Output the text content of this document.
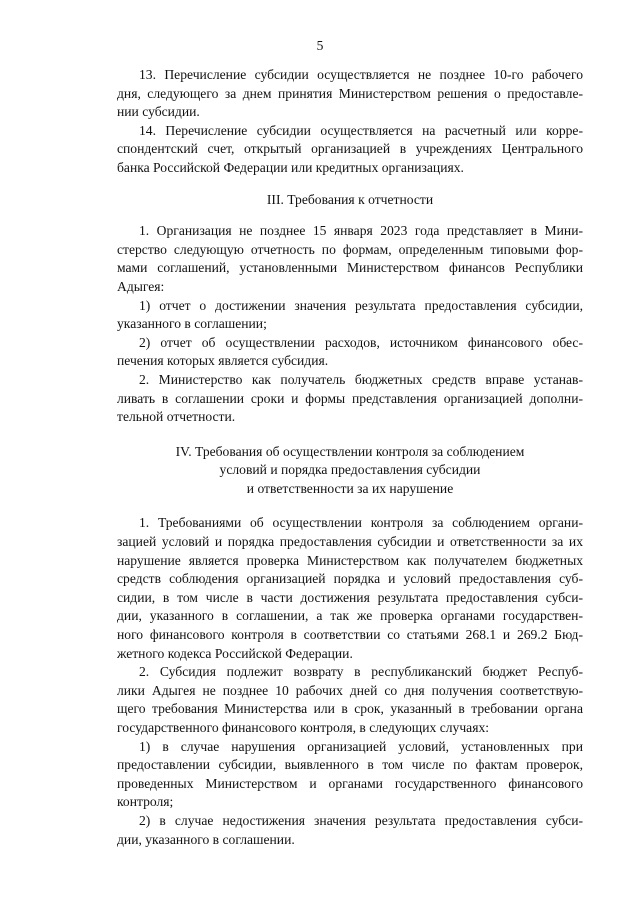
5
13. Перечисление субсидии осуществляется не позднее 10-го рабочего
дня, следующего за днем принятия Министерством решения о предоставле-
нии субсидии.
14. Перечисление субсидии осуществляется на расчетный или корре-
спондентский счет, открытый организацией в учреждениях Центрального
банка Российской Федерации или кредитных организациях.
III. Требования к отчетности
1. Организация не позднее 15 января 2023 года представляет в Мини-
стерство следующую отчетность по формам, определенным типовыми фор-
мами соглашений, установленными Министерством финансов Республики
Адыгея:
1) отчет о достижении значения результата предоставления субсидии,
указанного в соглашении;
2) отчет об осуществлении расходов, источником финансового обес-
печения которых является субсидия.
2. Министерство как получатель бюджетных средств вправе устанав-
ливать в соглашении сроки и формы представления организацией дополни-
тельной отчетности.
IV. Требования об осуществлении контроля за соблюдением
условий и порядка предоставления субсидии
и ответственности за их нарушение
1. Требованиями об осуществлении контроля за соблюдением органи-
зацией условий и порядка предоставления субсидии и ответственности за их
нарушение является проверка Министерством как получателем бюджетных
средств соблюдения организацией порядка и условий предоставления суб-
сидии, в том числе в части достижения результата предоставления субси-
дии, указанного в соглашении, а так же проверка органами государствен-
ного финансового контроля в соответствии со статьями 268.1 и 269.2 Бюд-
жетного кодекса Российской Федерации.
2. Субсидия подлежит возврату в республиканский бюджет Респуб-
лики Адыгея не позднее 10 рабочих дней со дня получения соответствую-
щего требования Министерства или в срок, указанный в требовании органа
государственного финансового контроля, в следующих случаях:
1) в случае нарушения организацией условий, установленных при
предоставлении субсидии, выявленного в том числе по фактам проверок,
проведенных Министерством и органами государственного финансового
контроля;
2) в случае недостижения значения результата предоставления субси-
дии, указанного в соглашении.
